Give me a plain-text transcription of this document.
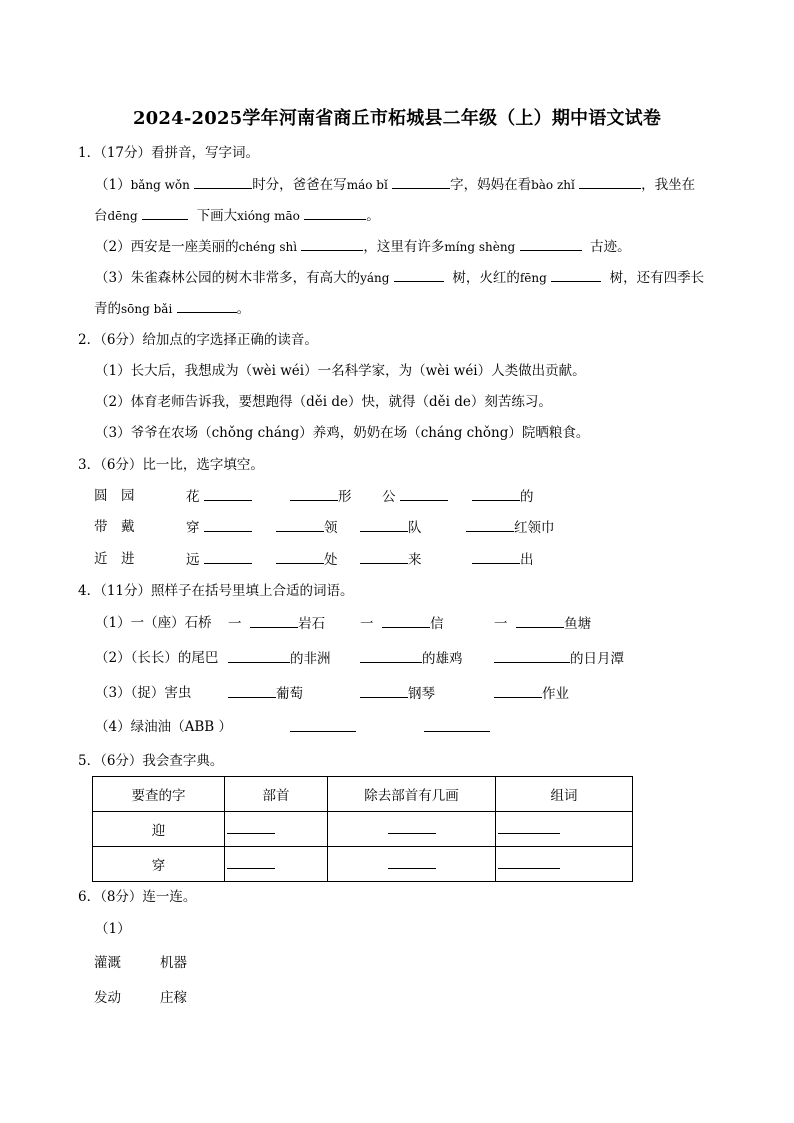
2024-2025学年河南省商丘市柘城县二年级（上）期中语文试卷
1．（17分）看拼音，写字词。
（1）bǎng wǒn	时分，爸爸在写máo bǐ	字，妈妈在看bào zhǐ	，我坐在
台dēng	下画大xióng māo	。
（2）西安是一座美丽的chéng shì	，这里有许多míng shèng	古迹。
（3）朱雀森林公园的树木非常多，有高大的yáng	树，火红的fēng	树，还有四季长
青的sōng bǎi	。
2．（6分）给加点的字选择正确的读音。
（1）长大后，我想成为（wèi wéi）一名科学家，为（wèi wéi）人类做出贡献。
（2）体育老师告诉我，要想跑得（děi de）快，就得（děi de）刻苦练习。
（3）爷爷在农场（chǒng cháng）养鸡，奶奶在场（cháng chǒng）院晒粮食。
3．（6分）比一比，选字填空。
圆　园	花	形 公	的
带　戴	穿	领	队	红领巾
近　进	远	处	来	出
4．（11分）照样子在括号里填上合适的词语。
（1）一（座）石桥 一	岩石	一	信	一	鱼塘
（2）（长长）的尾巴	的非洲	的雄鸡	的日月潭
（3）（捉）害虫	葡萄	钢琴	作业
（4）绿油油（ABB ）
5．（6分）我会查字典。
要查的字	部首	除去部首有几画	组词
迎			
穿			
6．（8分）连一连。
（1）
灌溉	机器
发动	庄稼
